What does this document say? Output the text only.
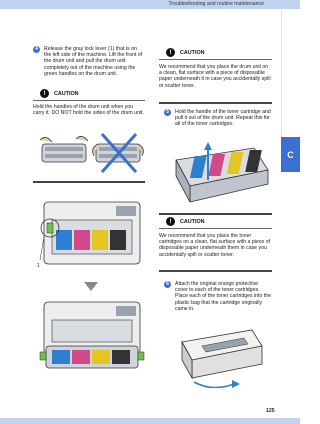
Troubleshooting and routine maintenance
C
4	Release the gray lock lever (1) that is on the left side of the machine. Lift the front of the drum unit and pull the drum unit completely out of the machine using the green handles on the drum unit.
!	CAUTION
Hold the handles of the drum unit when you carry it. DO NOT hold the sides of the drum unit.
1
!	CAUTION
We recommend that you place the drum unit on a clean, flat surface with a piece of disposable paper underneath it in case you accidentally spill or scatter toner.
5	Hold the handle of the toner cartridge and pull it out of the drum unit. Repeat this for all of the toner cartridges.
!	CAUTION
We recommend that you place the toner cartridges on a clean, flat surface with a piece of disposable paper underneath them in case you accidentally spill or scatter toner.
6	Attach the original orange protective cover to each of the toner cartridges. Place each of the toner cartridges into the plastic bag that the cartridge originally came in.
125
